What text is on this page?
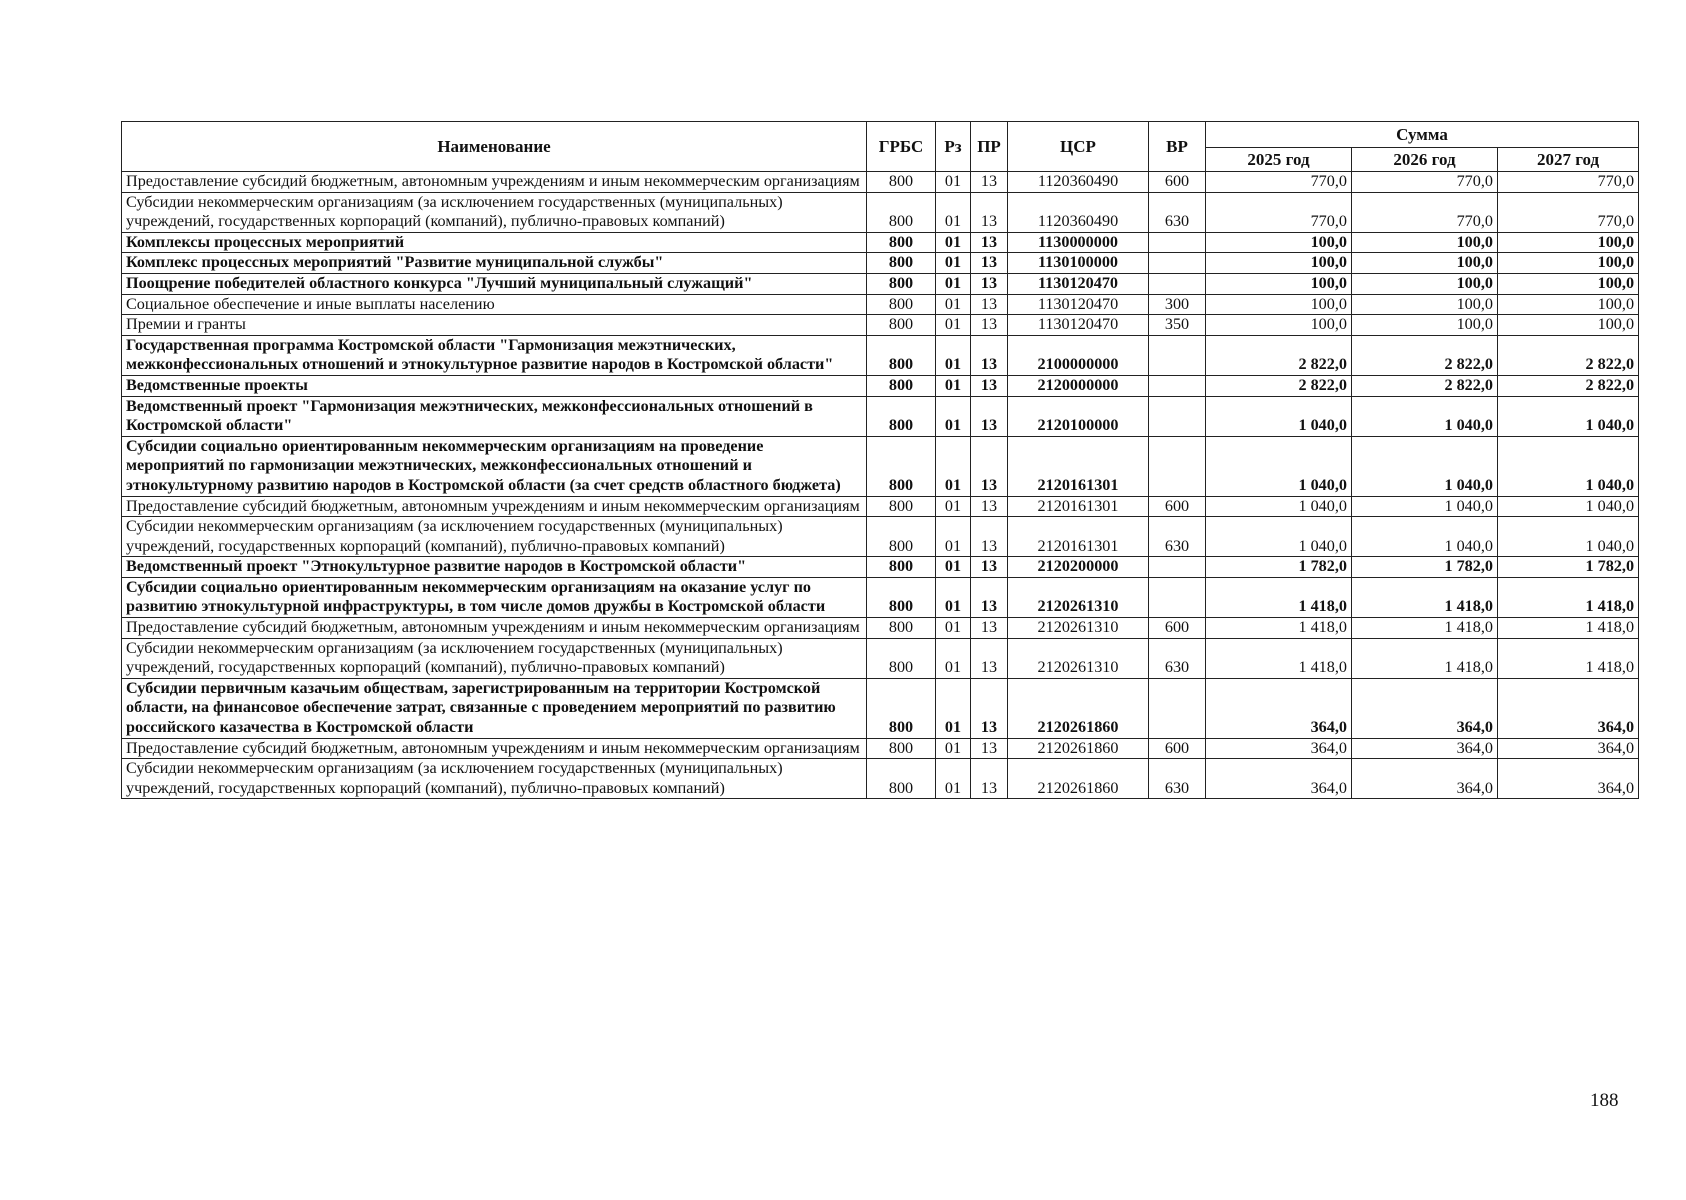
Наименование	ГРБС	Рз	ПР	ЦСР	ВР	Сумма		
						2025 год	2026 год	2027 год
Предоставление субсидий бюджетным, автономным учреждениям и иным некоммерческим организациям	800	01	13	1120360490	600	770,0	770,0	770,0
Субсидии некоммерческим организациям (за исключением государственных (муниципальных) учреждений, государственных корпораций (компаний), публично-правовых компаний)	800	01	13	1120360490	630	770,0	770,0	770,0
Комплексы процессных мероприятий	800	01	13	1130000000		100,0	100,0	100,0
Комплекс процессных мероприятий "Развитие муниципальной службы"	800	01	13	1130100000		100,0	100,0	100,0
Поощрение победителей областного конкурса "Лучший муниципальный служащий"	800	01	13	1130120470		100,0	100,0	100,0
Социальное обеспечение и иные выплаты населению	800	01	13	1130120470	300	100,0	100,0	100,0
Премии и гранты	800	01	13	1130120470	350	100,0	100,0	100,0
Государственная программа Костромской области "Гармонизация межэтнических, межконфессиональных отношений и этнокультурное развитие народов в Костромской области"	800	01	13	2100000000		2 822,0	2 822,0	2 822,0
Ведомственные проекты	800	01	13	2120000000		2 822,0	2 822,0	2 822,0
Ведомственный проект "Гармонизация межэтнических, межконфессиональных отношений в Костромской области"	800	01	13	2120100000		1 040,0	1 040,0	1 040,0
Субсидии социально ориентированным некоммерческим организациям на проведение мероприятий по гармонизации межэтнических, межконфессиональных отношений и этнокультурному развитию народов в Костромской области (за счет средств областного бюджета)	800	01	13	2120161301		1 040,0	1 040,0	1 040,0
Предоставление субсидий бюджетным, автономным учреждениям и иным некоммерческим организациям	800	01	13	2120161301	600	1 040,0	1 040,0	1 040,0
Субсидии некоммерческим организациям (за исключением государственных (муниципальных) учреждений, государственных корпораций (компаний), публично-правовых компаний)	800	01	13	2120161301	630	1 040,0	1 040,0	1 040,0
Ведомственный проект "Этнокультурное развитие народов в Костромской области"	800	01	13	2120200000		1 782,0	1 782,0	1 782,0
Субсидии социально ориентированным некоммерческим организациям на оказание услуг по развитию этнокультурной инфраструктуры, в том числе домов дружбы в Костромской области	800	01	13	2120261310		1 418,0	1 418,0	1 418,0
Предоставление субсидий бюджетным, автономным учреждениям и иным некоммерческим организациям	800	01	13	2120261310	600	1 418,0	1 418,0	1 418,0
Субсидии некоммерческим организациям (за исключением государственных (муниципальных) учреждений, государственных корпораций (компаний), публично-правовых компаний)	800	01	13	2120261310	630	1 418,0	1 418,0	1 418,0
Субсидии первичным казачьим обществам, зарегистрированным на территории Костромской области, на финансовое обеспечение затрат, связанные с проведением мероприятий по развитию российского казачества в Костромской области	800	01	13	2120261860		364,0	364,0	364,0
Предоставление субсидий бюджетным, автономным учреждениям и иным некоммерческим организациям	800	01	13	2120261860	600	364,0	364,0	364,0
Субсидии некоммерческим организациям (за исключением государственных (муниципальных) учреждений, государственных корпораций (компаний), публично-правовых компаний)	800	01	13	2120261860	630	364,0	364,0	364,0
188
